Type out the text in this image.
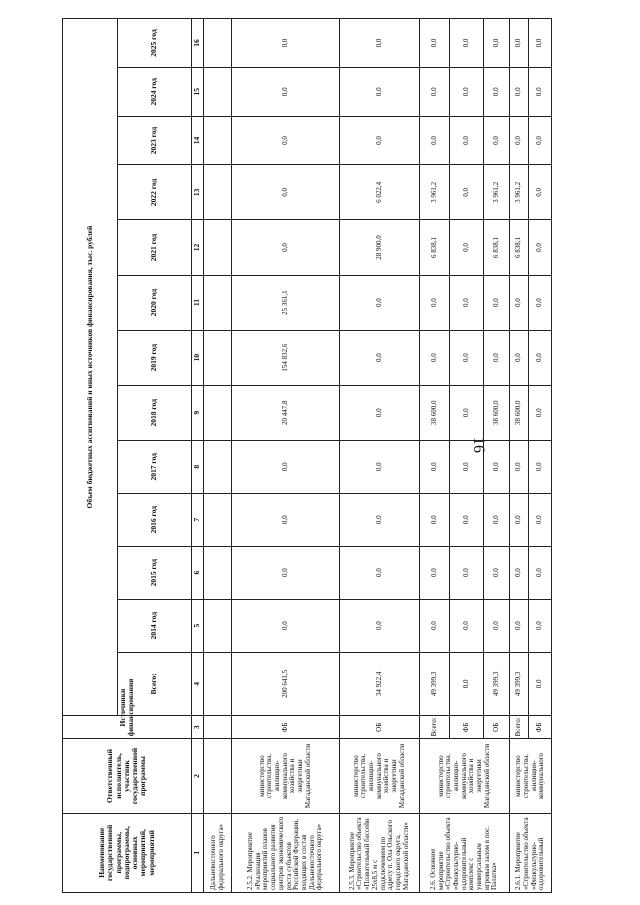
16
Наименование государственной программы, подпрограммы, основных мероприятий, мероприятий	Ответственный исполнитель, участник государственной программы	Источники финансирования	Объем бюджетных ассигнований и иных источников финансирования, тыс. рублей												
			Всего:	2014 год	2015 год	2016 год	2017 год	2018 год	2019 год	2020 год	2021 год	2022 год	2023 год	2024 год	2025 год
1	2	3	4	5	6	7	8	9	10	11	12	13	14	15	16
Дальневосточного федерального округа»															
2.5.2. Мероприятие «Реализация мероприятий планов социального развития центров экономического роста субъектов Российской Федерации, входящих в состав Дальневосточного федерального округа»	министерство строительства, жилищно-коммунального хозяйства и энергетики Магаданской области	ФБ	200 641,5	0,0	0,0	0,0	0,0	20 447,8	154 832,6	25 361,1	0,0	0,0	0,0	0,0	0,0
2.5.3. Мероприятие «Строительство объекта «Плавательный бассейн 25х8,5 м с подключением по адресу п. Ола Ольского городского округа, Магаданской области»	министерство строительства, жилищно-коммунального хозяйства и энергетики Магаданской области	ОБ	34 922,4	0,0	0,0	0,0	0,0	0,0	0,0	0,0	28 900,0	6 022,4	0,0	0,0	0,0
2.6. Основное мероприятие «Строительство объекта «Физкультурно-оздоровительный комплекс с универсальным игровым залом в пос. Палатка»	министерство строительства, жилищно-коммунального хозяйства и энергетики Магаданской области	Всего:	49 399,3	0,0	0,0	0,0	0,0	38 600,0	0,0	0,0	6 838,1	3 961,2	0,0	0,0	0,0
		ФБ	0,0	0,0	0,0	0,0	0,0	0,0	0,0	0,0	0,0	0,0	0,0	0,0	0,0
		ОБ	49 399,3	0,0	0,0	0,0	0,0	38 600,0	0,0	0,0	6 838,1	3 961,2	0,0	0,0	0,0
2.6.1. Мероприятие «Строительство объекта «Физкультурно-оздоровительный	министерство строительства, жилищно-коммунального	Всего:	49 399,3	0,0	0,0	0,0	0,0	38 600,0	0,0	0,0	6 838,1	3 961,2	0,0	0,0	0,0
		ФБ	0,0	0,0	0,0	0,0	0,0	0,0	0,0	0,0	0,0	0,0	0,0	0,0	0,0
